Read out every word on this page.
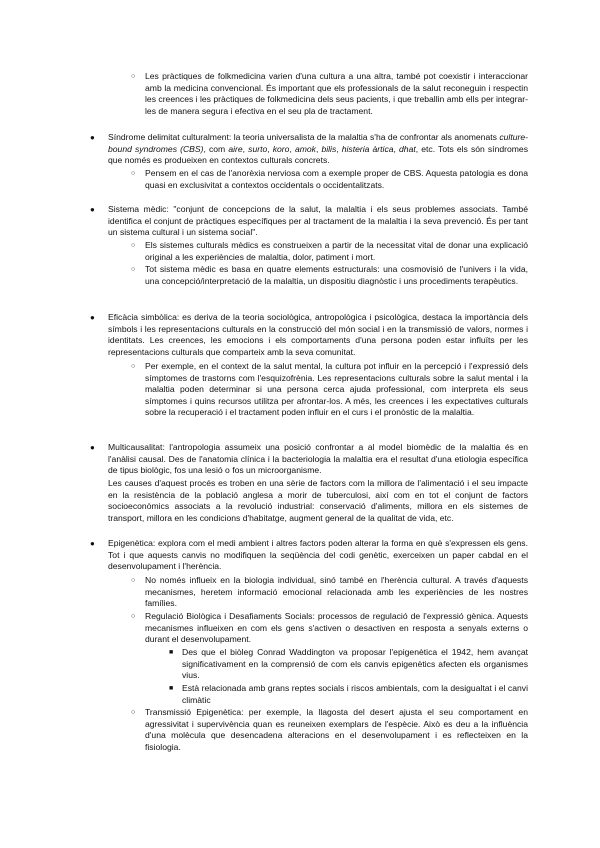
○ Les pràctiques de folkmedicina varien d'una cultura a una altra, també pot coexistir i interaccionar amb la medicina convencional. És important que els professionals de la salut reconeguin i respectin les creences i les pràctiques de folkmedicina dels seus pacients, i que treballin amb ells per integrar-les de manera segura i efectiva en el seu pla de tractament.

● Síndrome delimitat culturalment: la teoria universalista de la malaltia s'ha de confrontar als anomenats culture-bound syndromes (CBS), com aire, surto, koro, amok, bilis, histeria àrtica, dhat, etc. Tots els són síndromes que només es produeixen en contextos culturals concrets.

○ Pensem en el cas de l'anorèxia nerviosa com a exemple proper de CBS. Aquesta patologia es dona quasi en exclusivitat a contextos occidentals o occidentalitzats.

● Sistema mèdic: "conjunt de concepcions de la salut, la malaltia i els seus problemes associats. També identifica el conjunt de pràctiques específiques per al tractament de la malaltia i la seva prevenció. És per tant un sistema cultural i un sistema social".

○ Els sistemes culturals mèdics es construeixen a partir de la necessitat vital de donar una explicació original a les experiències de malaltia, dolor, patiment i mort.

○ Tot sistema mèdic es basa en quatre elements estructurals: una cosmovisió de l'univers i la vida, una concepció/interpretació de la malaltia, un dispositiu diagnòstic i uns procediments terapèutics.

● Eficàcia simbòlica: es deriva de la teoria sociològica, antropològica i psicològica, destaca la importància dels símbols i les representacions culturals en la construcció del món social i en la transmissió de valors, normes i identitats. Les creences, les emocions i els comportaments d'una persona poden estar influïts per les representacions culturals que comparteix amb la seva comunitat.

○ Per exemple, en el context de la salut mental, la cultura pot influir en la percepció i l'expressió dels símptomes de trastorns com l'esquizofrènia. Les representacions culturals sobre la salut mental i la malaltia poden determinar si una persona cerca ajuda professional, com interpreta els seus símptomes i quins recursos utilitza per afrontar-los. A més, les creences i les expectatives culturals sobre la recuperació i el tractament poden influir en el curs i el pronòstic de la malaltia.

● Multicausalitat: l'antropologia assumeix una posició confrontar a al model biomèdic de la malaltia és en l'anàlisi causal. Des de l'anatomia clínica i la bacteriologia la malaltia era el resultat d'una etiologia específica de tipus biològic, fos una lesió o fos un microorganisme.

Les causes d'aquest procés es troben en una sèrie de factors com la millora de l'alimentació i el seu impacte en la resistència de la població anglesa a morir de tuberculosi, així com en tot el conjunt de factors socioeconòmics associats a la revolució industrial: conservació d'aliments, millora en els sistemes de transport, millora en les condicions d'habitatge, augment general de la qualitat de vida, etc.

● Epigenètica: explora com el medi ambient i altres factors poden alterar la forma en què s'expressen els gens. Tot i que aquests canvis no modifiquen la seqüència del codi genètic, exerceixen un paper cabdal en el desenvolupament i l'herència.

○ No només influeix en la biologia individual, sinó també en l'herència cultural. A través d'aquests mecanismes, heretem informació emocional relacionada amb les experiències de les nostres famílies.

○ Regulació Biològica i Desafiaments Socials: processos de regulació de l'expressió gènica. Aquests mecanismes influeixen en com els gens s'activen o desactiven en resposta a senyals externs o durant el desenvolupament.

■ Des que el biòleg Conrad Waddington va proposar l'epigenètica el 1942, hem avançat significativament en la comprensió de com els canvis epigenètics afecten els organismes vius.

■ Està relacionada amb grans reptes socials i riscos ambientals, com la desigualtat i el canvi climàtic

○ Transmissió Epigenètica: per exemple, la llagosta del desert ajusta el seu comportament en agressivitat i supervivència quan es reuneixen exemplars de l'espècie. Això es deu a la influència d'una molècula que desencadena alteracions en el desenvolupament i es reflecteixen en la fisiologia.
